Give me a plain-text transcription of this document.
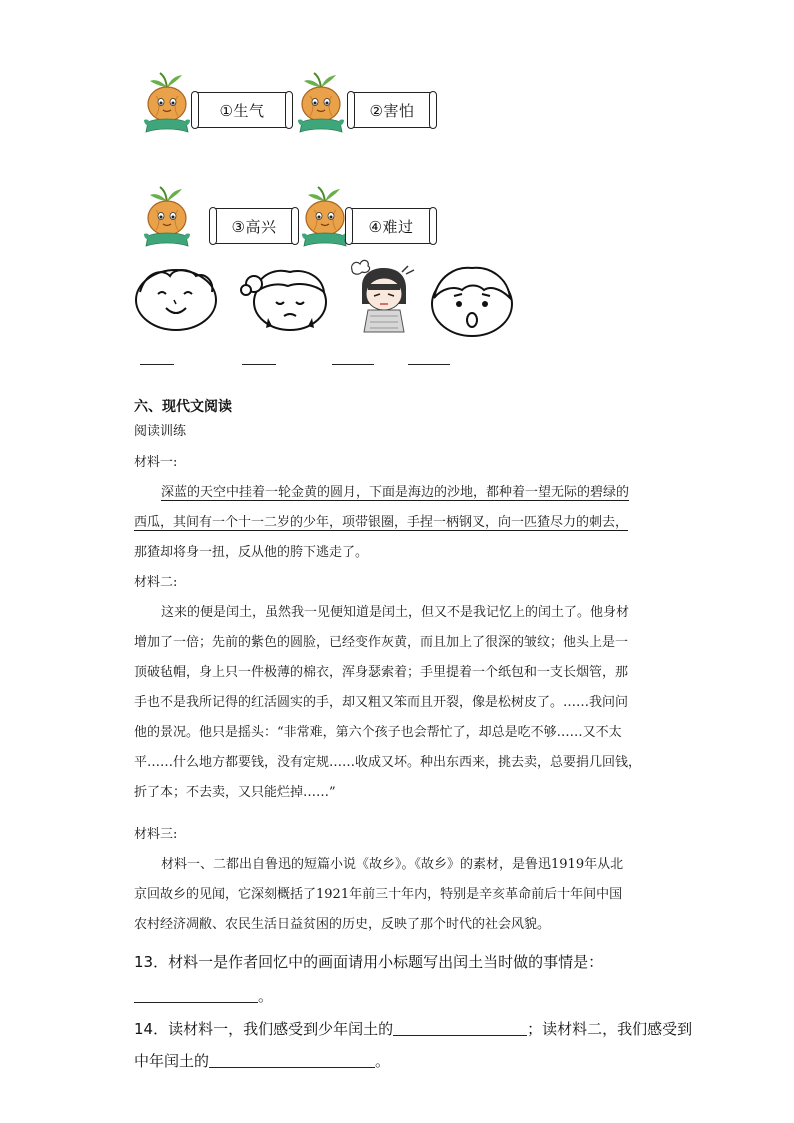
①生气	②害怕
③高兴	④难过
六、现代文阅读
阅读训练
材料一:
深蓝的天空中挂着一轮金黄的圆月，下面是海边的沙地，都种着一望无际的碧绿的
西瓜，其间有一个十一二岁的少年，项带银圈，手捏一柄钢叉，向一匹猹尽力的刺去，
那猹却将身一扭，反从他的胯下逃走了。
材料二:
这来的便是闰土，虽然我一见便知道是闰土，但又不是我记忆上的闰土了。他身材
增加了一倍；先前的紫色的圆脸，已经变作灰黄，而且加上了很深的皱纹；他头上是一
顶破毡帽，身上只一件极薄的棉衣，浑身瑟索着；手里提着一个纸包和一支长烟管，那
手也不是我所记得的红活圆实的手，却又粗又笨而且开裂，像是松树皮了。……我问问
他的景况。他只是摇头：“非常难，第六个孩子也会帮忙了，却总是吃不够……又不太
平……什么地方都要钱，没有定规……收成又坏。种出东西来，挑去卖，总要捐几回钱，
折了本；不去卖，又只能烂掉……”
材料三:
材料一、二都出自鲁迅的短篇小说《故乡》。《故乡》的素材，是鲁迅1919年从北
京回故乡的见闻，它深刻概括了1921年前三十年内，特别是辛亥革命前后十年间中国
农村经济凋敝、农民生活日益贫困的历史，反映了那个时代的社会风貌。
13．材料一是作者回忆中的画面请用小标题写出闰土当时做的事情是：
。
14．读材料一，我们感受到少年闰土的	；读材料二，我们感受到
中年闰土的	。
